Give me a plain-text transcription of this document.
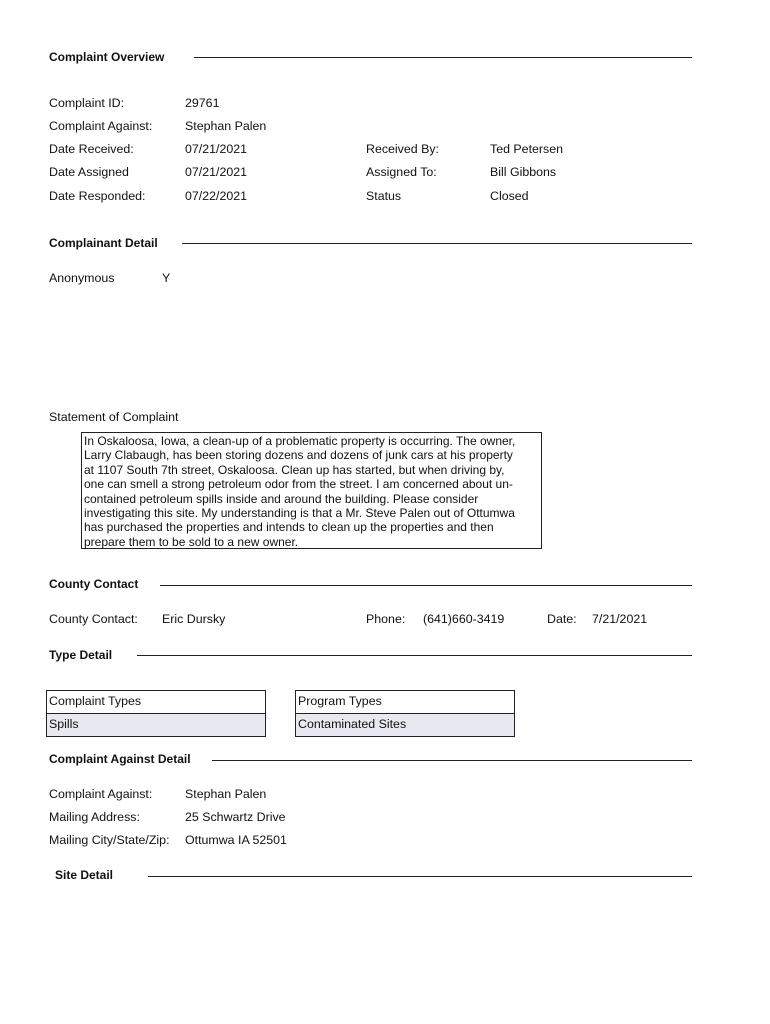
Complaint Overview
Complaint ID:	29761
Complaint Against:	Stephan Palen
Date Received:	07/21/2021	Received By:	Ted Petersen
Date Assigned	07/21/2021	Assigned To:	Bill Gibbons
Date Responded:	07/22/2021	Status	Closed
Complainant Detail
Anonymous	Y
Statement of Complaint
In Oskaloosa, Iowa, a clean-up of a problematic property is occurring. The owner,
Larry Clabaugh, has been storing dozens and dozens of junk cars at his property
at 1107 South 7th street, Oskaloosa. Clean up has started, but when driving by,
one can smell a strong petroleum odor from the street. I am concerned about un-
contained petroleum spills inside and around the building. Please consider
investigating this site. My understanding is that a Mr. Steve Palen out of Ottumwa
has purchased the properties and intends to clean up the properties and then
prepare them to be sold to a new owner.
County Contact
County Contact: Eric Dursky	Phone: (641)660-3419	Date: 7/21/2021
Type Detail
Complaint Types
Spills
Program Types
Contaminated Sites
Complaint Against Detail
Complaint Against:	Stephan Palen
Mailing Address:	25 Schwartz Drive
Mailing City/State/Zip: Ottumwa IA 52501
Site Detail
